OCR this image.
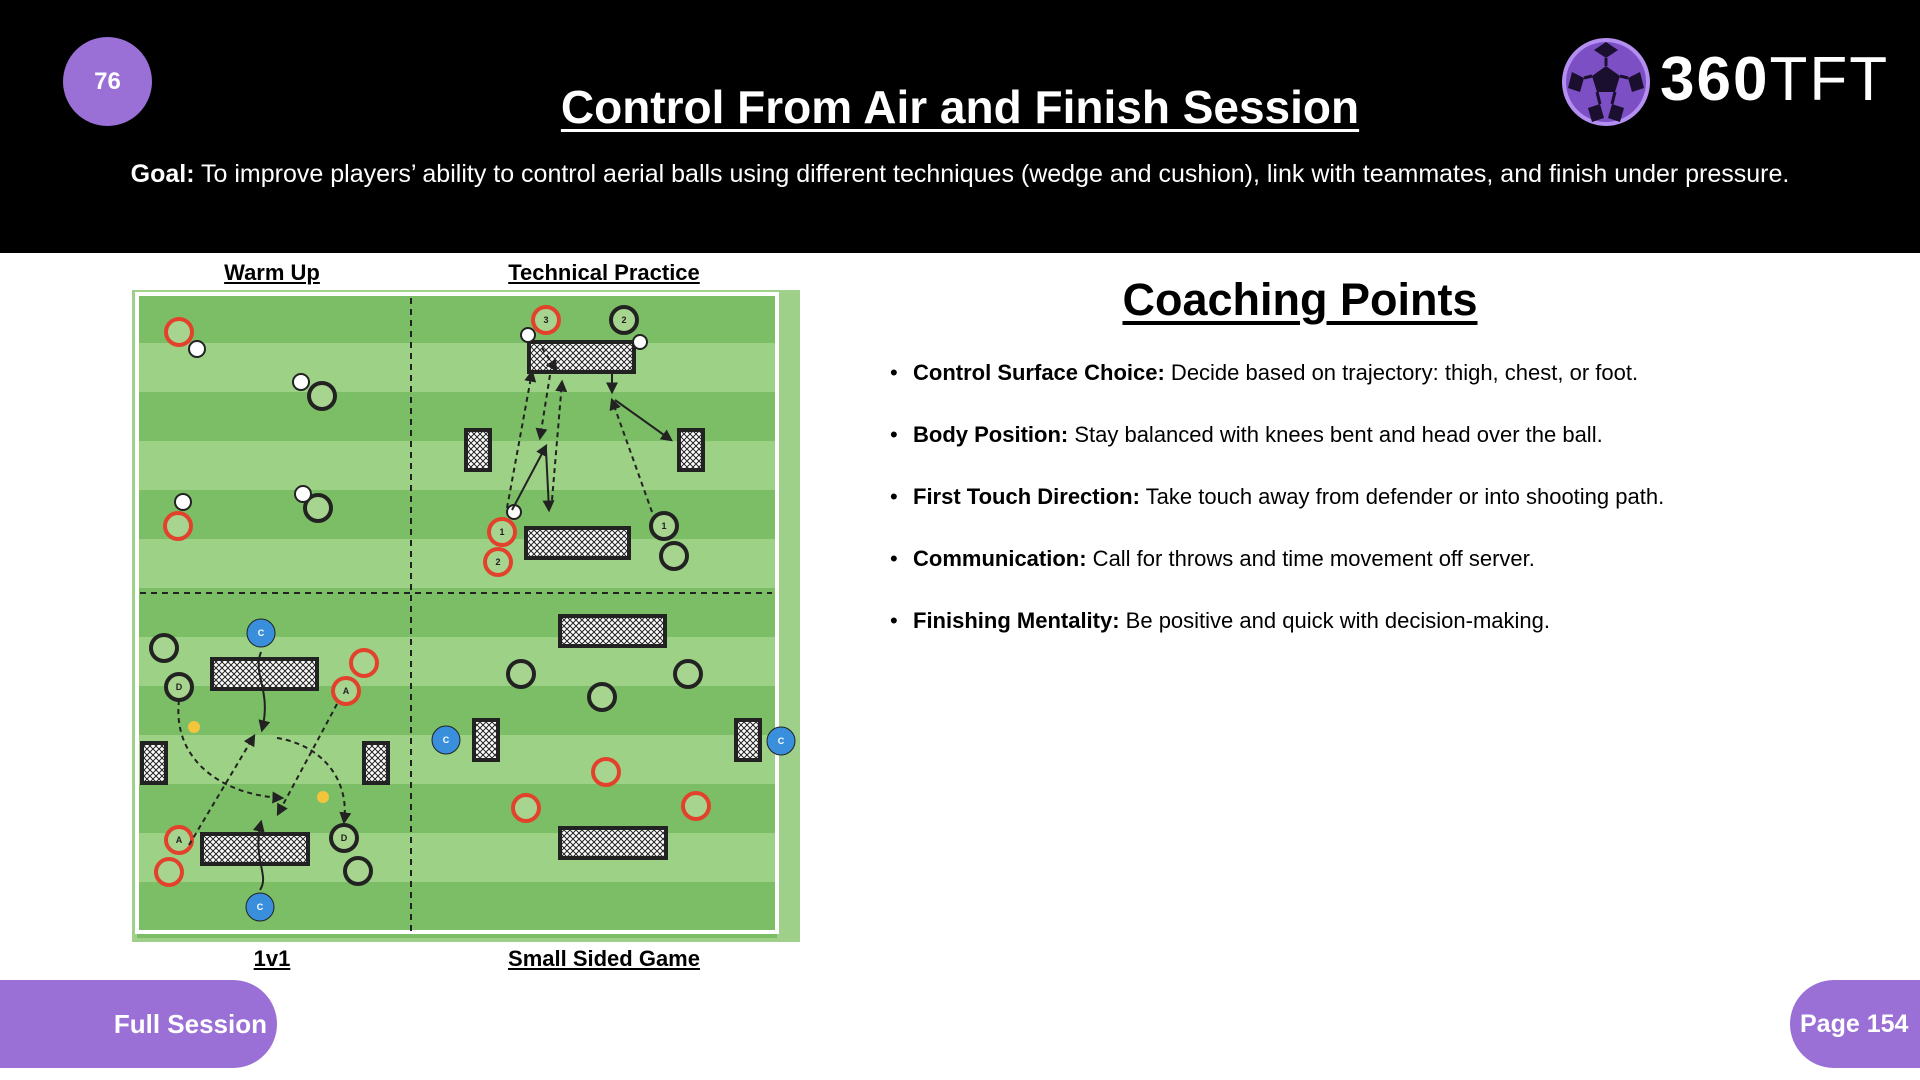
76	Control From Air and Finish Session
Goal: To improve players’ ability to control aerial balls using different techniques (wedge and cushion), link with teammates, and finish under pressure.
360TFT
Warm Up	Technical Practice
1v1	Small Sided Game
3	2
1
2
1
D	A
A	D
C
C
C	C
Coaching Points
• Control Surface Choice: Decide based on trajectory: thigh, chest, or foot.
• Body Position: Stay balanced with knees bent and head over the ball.
• First Touch Direction: Take touch away from defender or into shooting path.
• Communication: Call for throws and time movement off server.
• Finishing Mentality: Be positive and quick with decision-making.
Full Session	Page 154
